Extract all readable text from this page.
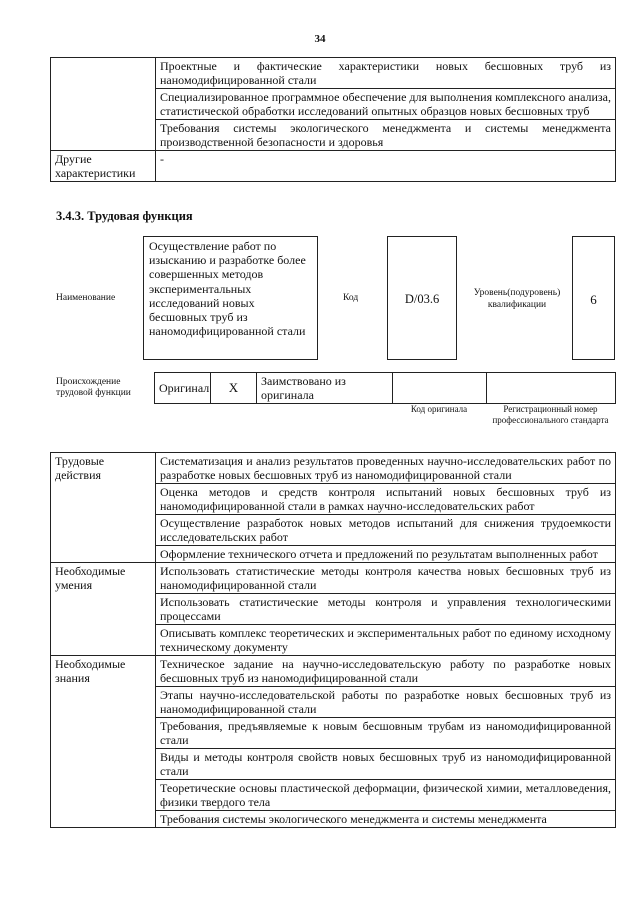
34
	Проектные и фактические характеристики новых бесшовных труб из наномодифицированной стали
	Специализированное программное обеспечение для выполнения комплексного анализа, статистической обработки исследований опытных образцов новых бесшовных труб
	Требования системы экологического менеджмента и системы менеджмента производственной безопасности и здоровья
Другие характеристики	-
3.4.3. Трудовая функция
Наименование
Осуществление работ по изысканию и разработке более совершенных методов экспериментальных исследований новых бесшовных труб из наномодифицированной стали
Код	D/03.6	Уровень(подуровень) квалификации	6
Происхождение трудовой функции	Оригинал	X	Заимствовано из оригинала		
Код оригинала	Регистрационный номер профессионального стандарта
Трудовые действия	Систематизация и анализ результатов проведенных научно-исследовательских работ по разработке новых бесшовных труб из наномодифицированной стали
	Оценка методов и средств контроля испытаний новых бесшовных труб из наномодифицированной стали в рамках научно-исследовательских работ
	Осуществление разработок новых методов испытаний для снижения трудоемкости исследовательских работ
	Оформление технического отчета и предложений по результатам выполненных работ
Необходимые умения	Использовать статистические методы контроля качества новых бесшовных труб из наномодифицированной стали
	Использовать статистические методы контроля и управления технологическими процессами
	Описывать комплекс теоретических и экспериментальных работ по единому исходному техническому документу
Необходимые знания	Техническое задание на научно-исследовательскую работу по разработке новых бесшовных труб из наномодифицированной стали
	Этапы научно-исследовательской работы по разработке новых бесшовных труб из наномодифицированной стали
	Требования, предъявляемые к новым бесшовным трубам из наномодифицированной стали
	Виды и методы контроля свойств новых бесшовных труб из наномодифицированной стали
	Теоретические основы пластической деформации, физической химии, металловедения, физики твердого тела
	Требования системы экологического менеджмента и системы менеджмента
